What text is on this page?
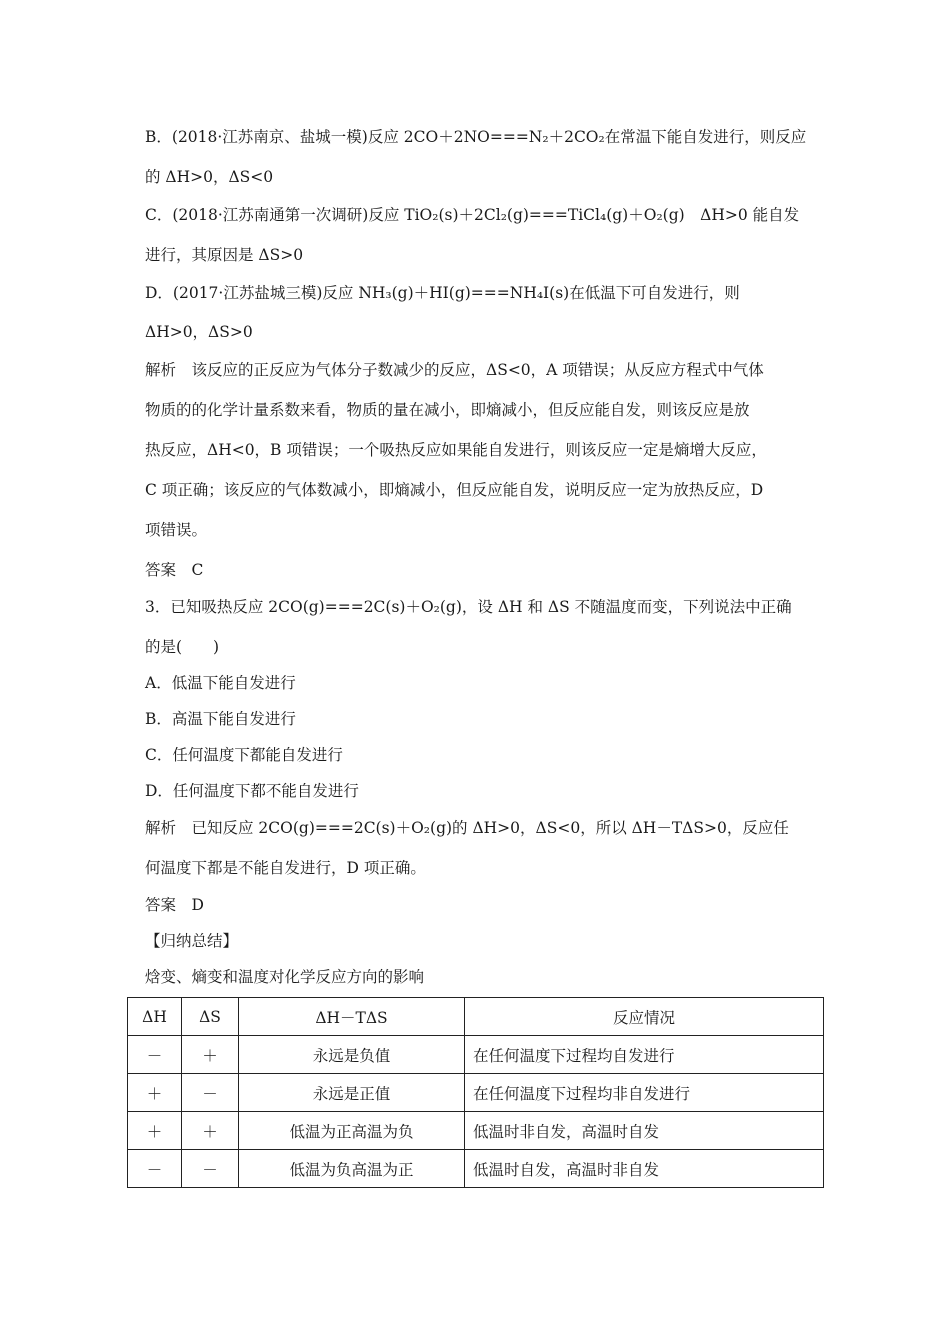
B．(2018·江苏南京、盐城一模)反应 2CO＋2NO===N₂＋2CO₂在常温下能自发进行，则反应
的 ΔH>0，ΔS<0
C．(2018·江苏南通第一次调研)反应 TiO₂(s)＋2Cl₂(g)===TiCl₄(g)＋O₂(g)　ΔH>0 能自发
进行，其原因是 ΔS>0
D．(2017·江苏盐城三模)反应 NH₃(g)＋HI(g)===NH₄I(s)在低温下可自发进行，则
ΔH>0，ΔS>0
解析　该反应的正反应为气体分子数减少的反应，ΔS<0，A 项错误；从反应方程式中气体
物质的的化学计量系数来看，物质的量在减小，即熵减小，但反应能自发，则该反应是放
热反应，ΔH<0，B 项错误；一个吸热反应如果能自发进行，则该反应一定是熵增大反应，
C 项正确；该反应的气体数减小，即熵减小，但反应能自发，说明反应一定为放热反应，D
项错误。
答案　C
3．已知吸热反应 2CO(g)===2C(s)＋O₂(g)，设 ΔH 和 ΔS 不随温度而变，下列说法中正确
的是(　　)
A．低温下能自发进行
B．高温下能自发进行
C．任何温度下都能自发进行
D．任何温度下都不能自发进行
解析　已知反应 2CO(g)===2C(s)＋O₂(g)的 ΔH>0，ΔS<0，所以 ΔH－TΔS>0，反应任
何温度下都是不能自发进行，D 项正确。
答案　D
【归纳总结】
焓变、熵变和温度对化学反应方向的影响
ΔH	ΔS	ΔH－TΔS	反应情况
－	＋	永远是负值	在任何温度下过程均自发进行
＋	－	永远是正值	在任何温度下过程均非自发进行
＋	＋	低温为正高温为负	低温时非自发，高温时自发
－	－	低温为负高温为正	低温时自发，高温时非自发
